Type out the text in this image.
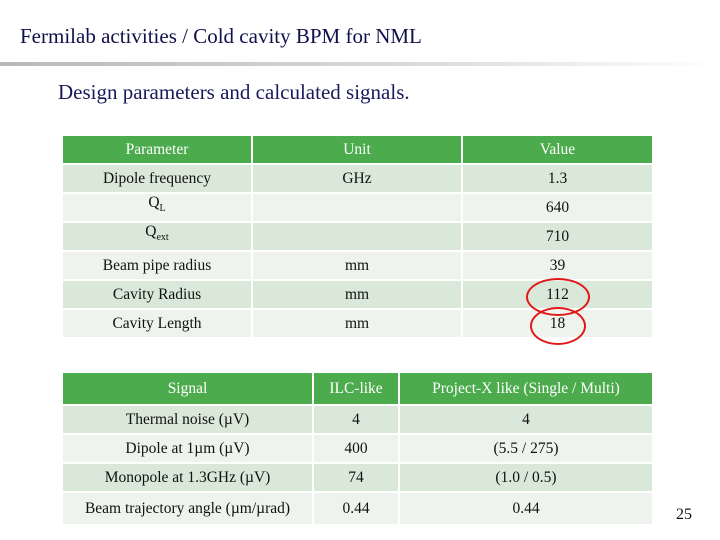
Fermilab activities / Cold cavity BPM for NML
Design parameters and calculated signals.
Parameter	Unit	Value
Dipole frequency	GHz	1.3
$Q_L$		640
$Q_{ext}$		710
Beam pipe radius	mm	39
Cavity Radius	mm	112
Cavity Length	mm	18
Signal	ILC-like	Project-X like (Single / Multi)
Thermal noise (µV)	4	4
Dipole at 1µm (µV)	400	(5.5 / 275)
Monopole at 1.3GHz (µV)	74	(1.0 / 0.5)
Beam trajectory angle (µm/µrad)	0.44	0.44	25
